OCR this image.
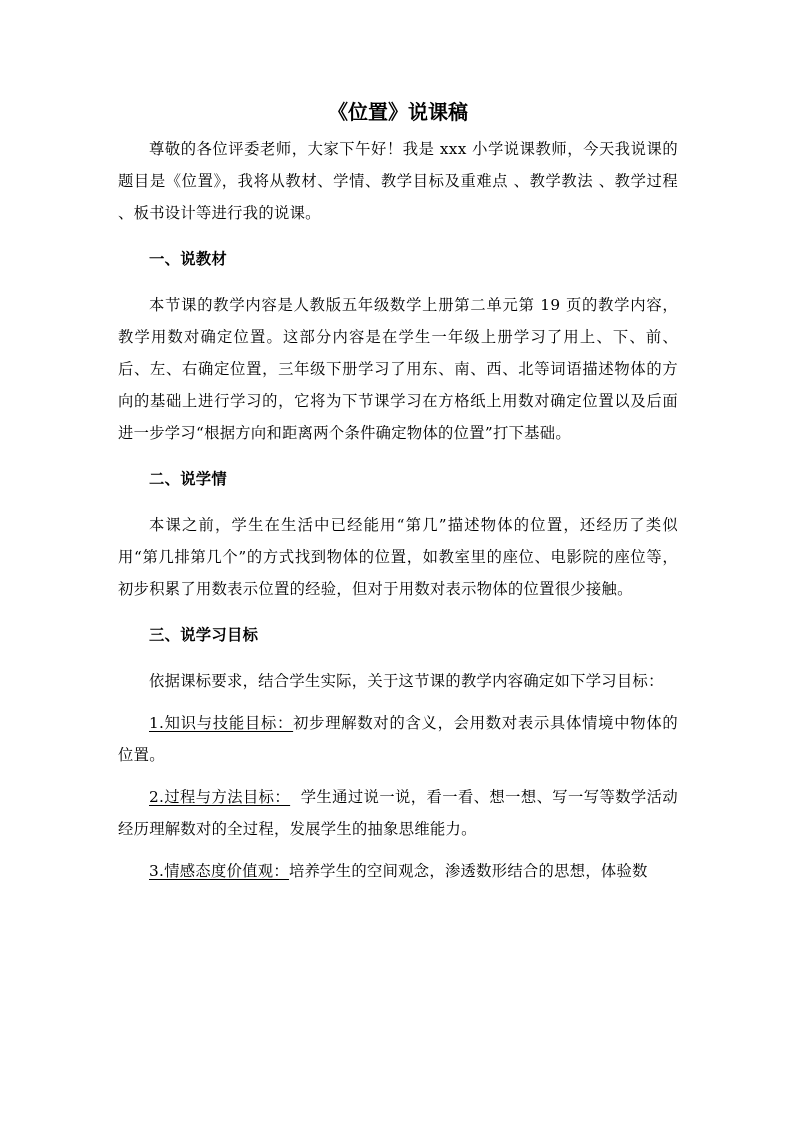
《位置》说课稿

尊敬的各位评委老师，大家下午好！我是 xxx 小学说课教师，今天我说课的题目是《位置》，我将从教材、学情、教学目标及重难点 、教学教法 、教学过程 、板书设计等进行我的说课。

一、说教材

本节课的教学内容是人教版五年级数学上册第二单元第 19 页的教学内容，教学用数对确定位置。这部分内容是在学生一年级上册学习了用上、下、前、后、左、右确定位置，三年级下册学习了用东、南、西、北等词语描述物体的方向的基础上进行学习的，它将为下节课学习在方格纸上用数对确定位置以及后面进一步学习“根据方向和距离两个条件确定物体的位置”打下基础。

二、说学情

本课之前，学生在生活中已经能用“第几”描述物体的位置，还经历了类似用“第几排第几个”的方式找到物体的位置，如教室里的座位、电影院的座位等，初步积累了用数表示位置的经验，但对于用数对表示物体的位置很少接触。

三、说学习目标

依据课标要求，结合学生实际，关于这节课的教学内容确定如下学习目标：

1.知识与技能目标：初步理解数对的含义，会用数对表示具体情境中物体的位置。

2.过程与方法目标：  学生通过说一说，看一看、想一想、写一写等数学活动经历理解数对的全过程，发展学生的抽象思维能力。

3.情感态度价值观：培养学生的空间观念，渗透数形结合的思想，体验数
